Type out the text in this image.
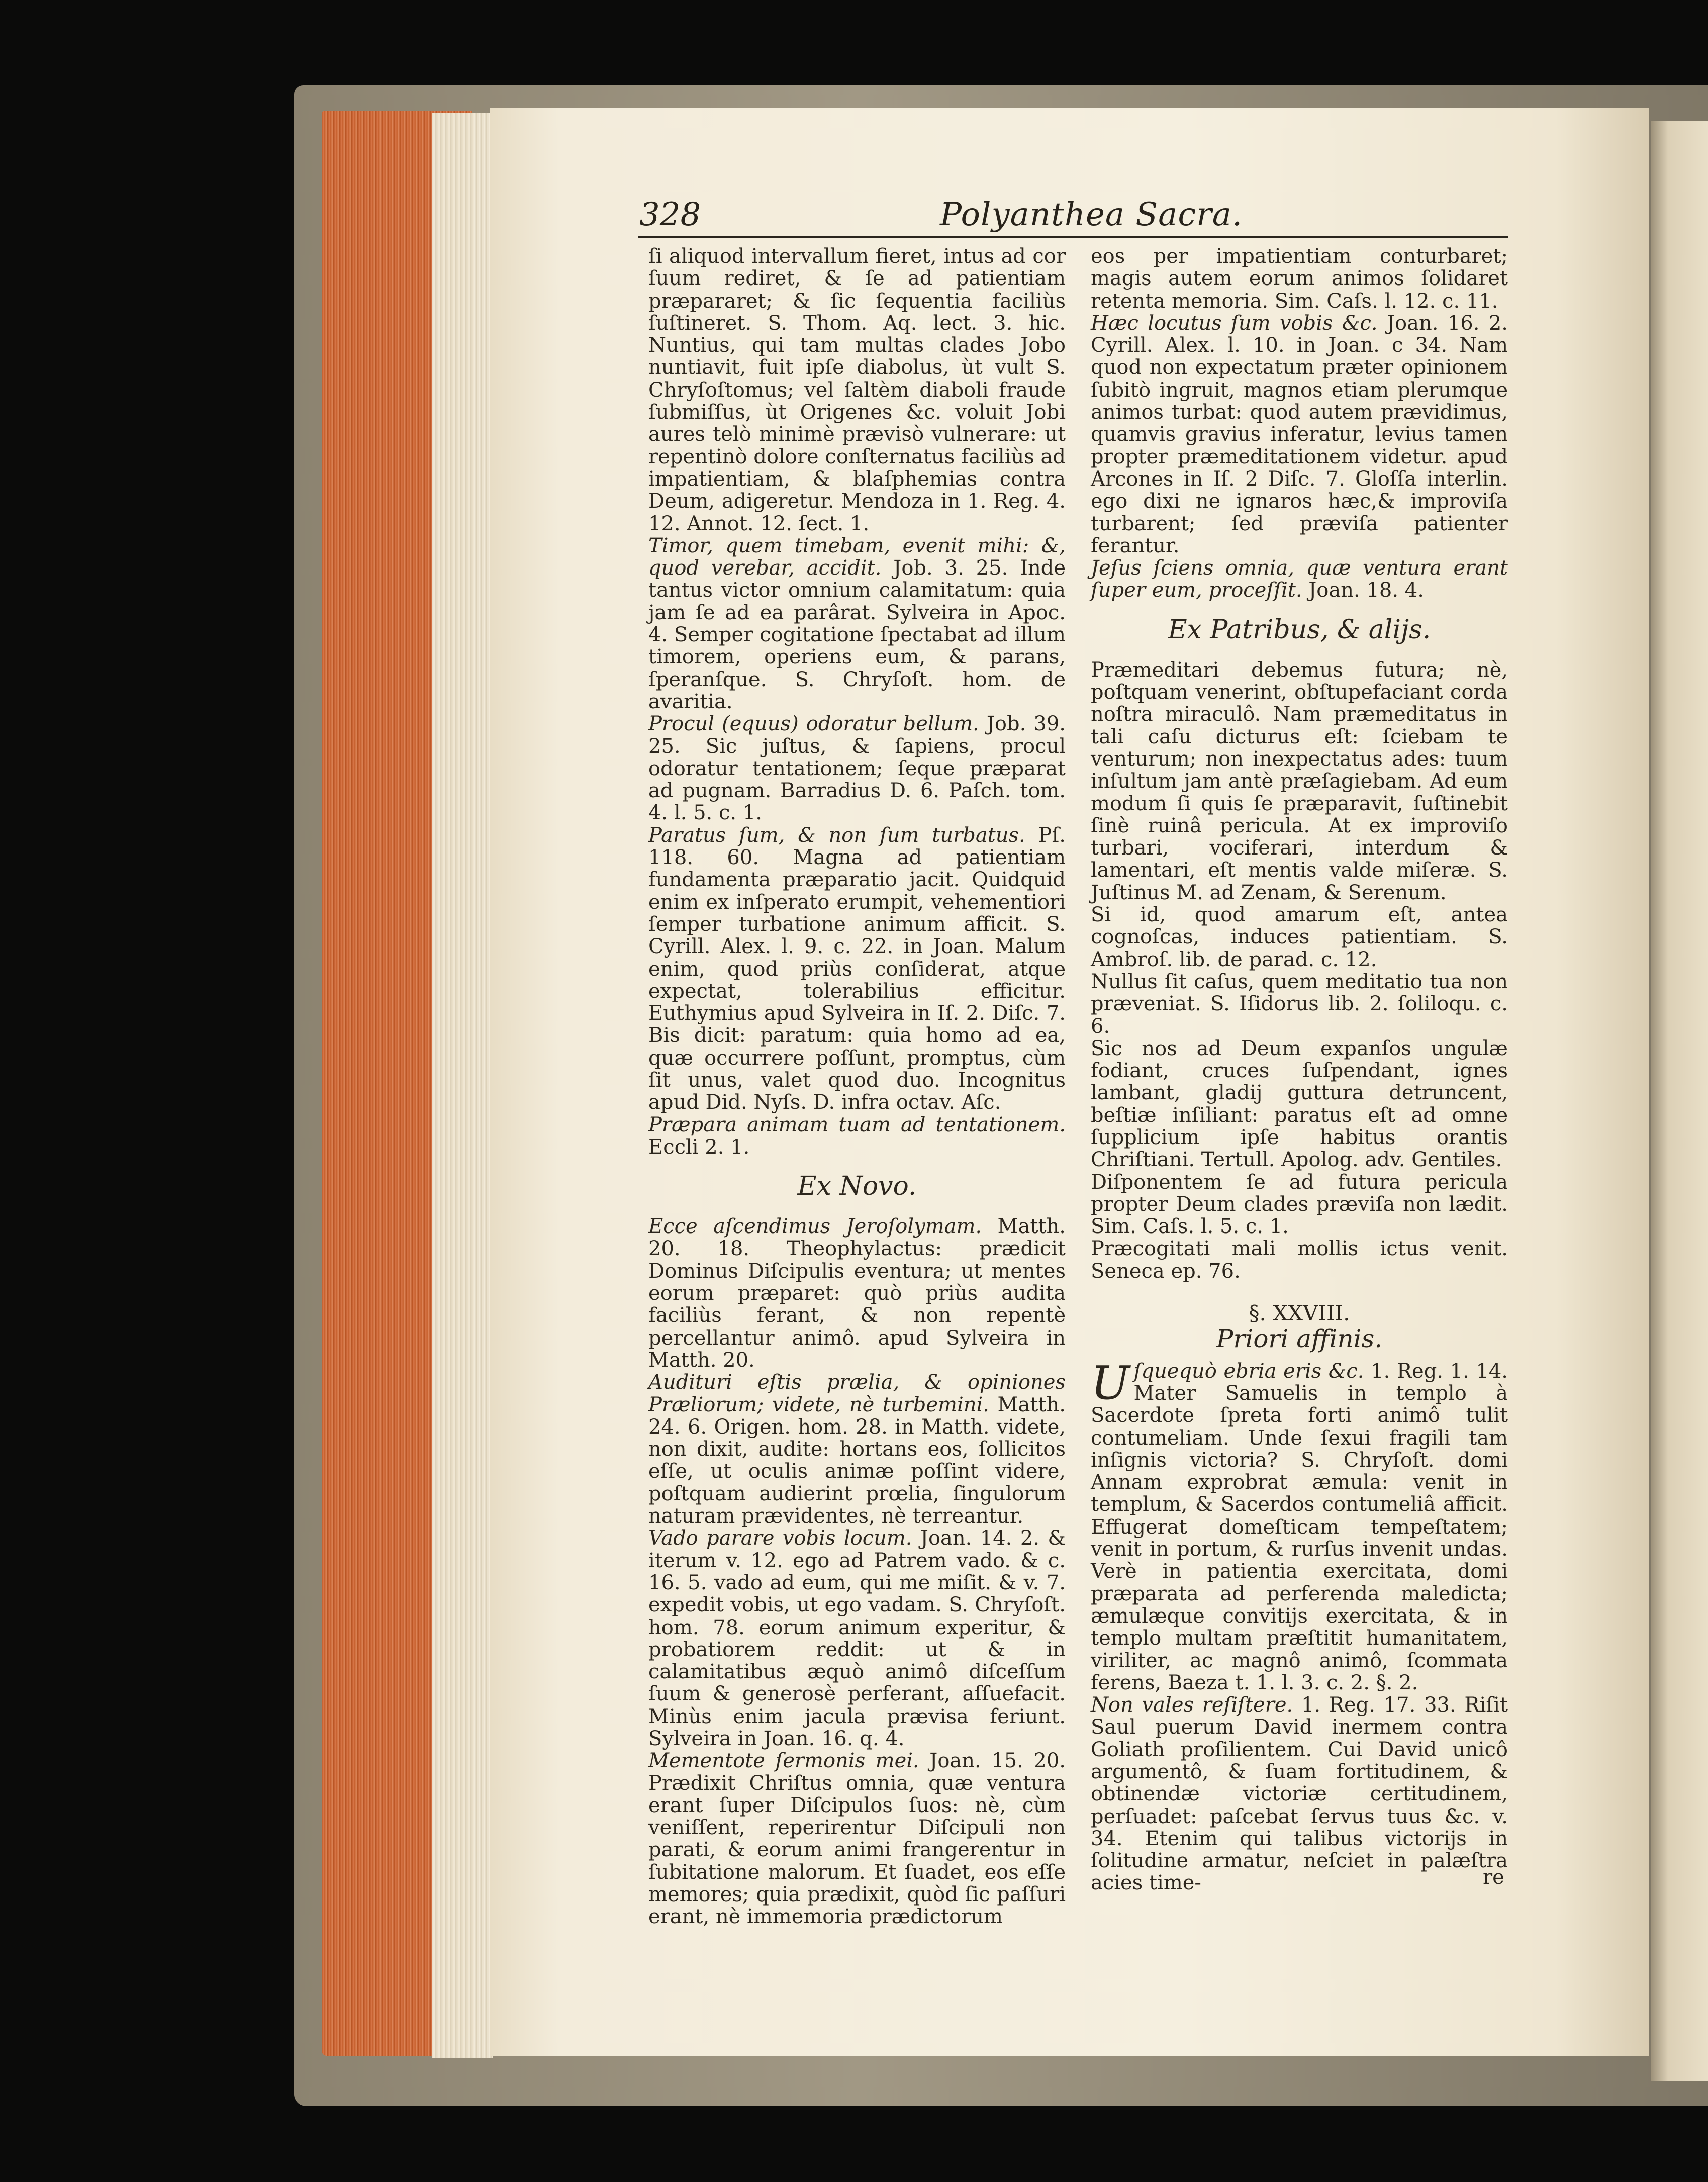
328	Polyanthea Sacra.

ſi aliquod intervallum fieret, intus ad cor ſuum rediret, & ſe ad patientiam præpararet; & ſic ſequentia faciliùs ſuſtineret. S. Thom. Aq. lect. 3. hic. Nuntius, qui tam multas clades Jobo nuntiavit, fuit ipſe diabolus, ùt vult S. Chryſoſtomus; vel ſaltèm diaboli fraude ſubmiſſus, ùt Origenes &c. voluit Jobi aures telò minimè prævisò vulnerare: ut repentinò dolore conſternatus faciliùs ad impatientiam, & blaſphemias contra Deum, adigeretur. Mendoza in 1. Reg. 4. 12. Annot. 12. ſect. 1.

Timor, quem timebam, evenit mihi: &, quod verebar, accidit. Job. 3. 25. Inde tantus victor omnium calamitatum: quia jam ſe ad ea parârat. Sylveira in Apoc. 4. Semper cogitatione ſpectabat ad illum timorem, operiens eum, & parans, ſperanſque. S. Chryſoſt. hom. de avaritia.

Procul (equus) odoratur bellum. Job. 39. 25. Sic juſtus, & ſapiens, procul odoratur tentationem; ſeque præparat ad pugnam. Barradius D. 6. Paſch. tom. 4. l. 5. c. 1.

Paratus ſum, & non ſum turbatus. Pſ. 118. 60. Magna ad patientiam fundamenta præparatio jacit. Quidquid enim ex inſperato erumpit, vehementiori ſemper turbatione animum afficit. S. Cyrill. Alex. l. 9. c. 22. in Joan. Malum enim, quod priùs conſiderat, atque expectat, tolerabilius efficitur. Euthymius apud Sylveira in Iſ. 2. Diſc. 7. Bis dicit: paratum: quia homo ad ea, quæ occurrere poſſunt, promptus, cùm ſit unus, valet quod duo. Incognitus apud Did. Nyſs. D. infra octav. Aſc.

Præpara animam tuam ad tentationem. Eccli 2. 1.

Ex Novo.

Ecce aſcendimus Jeroſolymam. Matth. 20. 18. Theophylactus: prædicit Dominus Diſcipulis eventura; ut mentes eorum præparet: quò priùs audita faciliùs ferant, & non repentè percellantur animô. apud Sylveira in Matth. 20.

Audituri eſtis prælia, & opiniones Præliorum; videte, nè turbemini. Matth. 24. 6. Origen. hom. 28. in Matth. videte, non dixit, audite: hortans eos, ſollicitos eſſe, ut oculis animæ poſſint videre, poſtquam audierint prœlia, ſingulorum naturam prævidentes, nè terreantur.

Vado parare vobis locum. Joan. 14. 2. & iterum v. 12. ego ad Patrem vado. & c. 16. 5. vado ad eum, qui me miſit. & v. 7. expedit vobis, ut ego vadam. S. Chryſoſt. hom. 78. eorum animum experitur, & probatiorem reddit: ut & in calamitatibus æquò animô diſceſſum ſuum & generosè perferant, aſſuefacit. Minùs enim jacula prævisa feriunt. Sylveira in Joan. 16. q. 4.

Mementote ſermonis mei. Joan. 15. 20. Prædixit Chriſtus omnia, quæ ventura erant ſuper Diſcipulos ſuos: nè, cùm veniſſent, reperirentur Diſcipuli non parati, & eorum animi frangerentur in ſubitatione malorum. Et ſuadet, eos eſſe memores; quia prædixit, quòd ſic paſſuri erant, nè immemoria prædictorum

eos per impatientiam conturbaret; magis autem eorum animos ſolidaret retenta memoria. Sim. Caſs. l. 12. c. 11.

Hæc locutus ſum vobis &c. Joan. 16. 2. Cyrill. Alex. l. 10. in Joan. c 34. Nam quod non expectatum præter opinionem ſubitò ingruit, magnos etiam plerumque animos turbat: quod autem prævidimus, quamvis gravius inferatur, levius tamen propter præmeditationem videtur. apud Arcones in Iſ. 2 Diſc. 7. Gloſſa interlin. ego dixi ne ignaros hæc,& improviſa turbarent; ſed præviſa patienter ferantur.

Jeſus ſciens omnia, quæ ventura erant ſuper eum, proceſſit. Joan. 18. 4.

Ex Patribus, & alijs.

Præmeditari debemus futura; nè, poſtquam venerint, obſtupefaciant corda noſtra miraculô. Nam præmeditatus in tali caſu dicturus eſt: ſciebam te venturum; non inexpectatus ades: tuum inſultum jam antè præſagiebam. Ad eum modum ſi quis ſe præparavit, ſuſtinebit ſinè ruinâ pericula. At ex improviſo turbari, vociferari, interdum & lamentari, eſt mentis valde miſeræ. S. Juſtinus M. ad Zenam, & Serenum.

Si id, quod amarum eſt, antea cognoſcas, induces patientiam. S. Ambroſ. lib. de parad. c. 12.

Nullus ſit caſus, quem meditatio tua non præveniat. S. Iſidorus lib. 2. ſoliloqu. c. 6.

Sic nos ad Deum expanſos ungulæ fodiant, cruces ſuſpendant, ignes lambant, gladij guttura detruncent, beſtiæ inſiliant: paratus eſt ad omne ſupplicium ipſe habitus orantis Chriſtiani. Tertull. Apolog. adv. Gentiles.

Diſponentem ſe ad futura pericula propter Deum clades præviſa non lædit. Sim. Caſs. l. 5. c. 1.

Præcogitati mali mollis ictus venit. Seneca ep. 76.

§. XXVIII.
Priori affinis.

Uſquequò ebria eris &c. 1. Reg. 1. 14. Mater Samuelis in templo à Sacerdote ſpreta forti animô tulit contumeliam. Unde ſexui fragili tam inſignis victoria? S. Chryſoſt. domi Annam exprobrat æmula: venit in templum, & Sacerdos contumeliâ afficit. Effugerat domeſticam tempeſtatem; venit in portum, & rurſus invenit undas. Verè in patientia exercitata, domi præparata ad perferenda maledicta; æmulæque convitijs exercitata, & in templo multam præſtitit humanitatem, viriliter, ac magnô animô, ſcommata ferens, Baeza t. 1. l. 3. c. 2. §. 2.

Non vales reſiſtere. 1. Reg. 17. 33. Riſit Saul puerum David inermem contra Goliath proſilientem. Cui David unicô argumentô, & ſuam fortitudinem, & obtinendæ victoriæ certitudinem, perſuadet: paſcebat ſervus tuus &c. v. 34. Etenim qui talibus victorijs in ſolitudine armatur, neſciet in palæſtra acies time-	re
